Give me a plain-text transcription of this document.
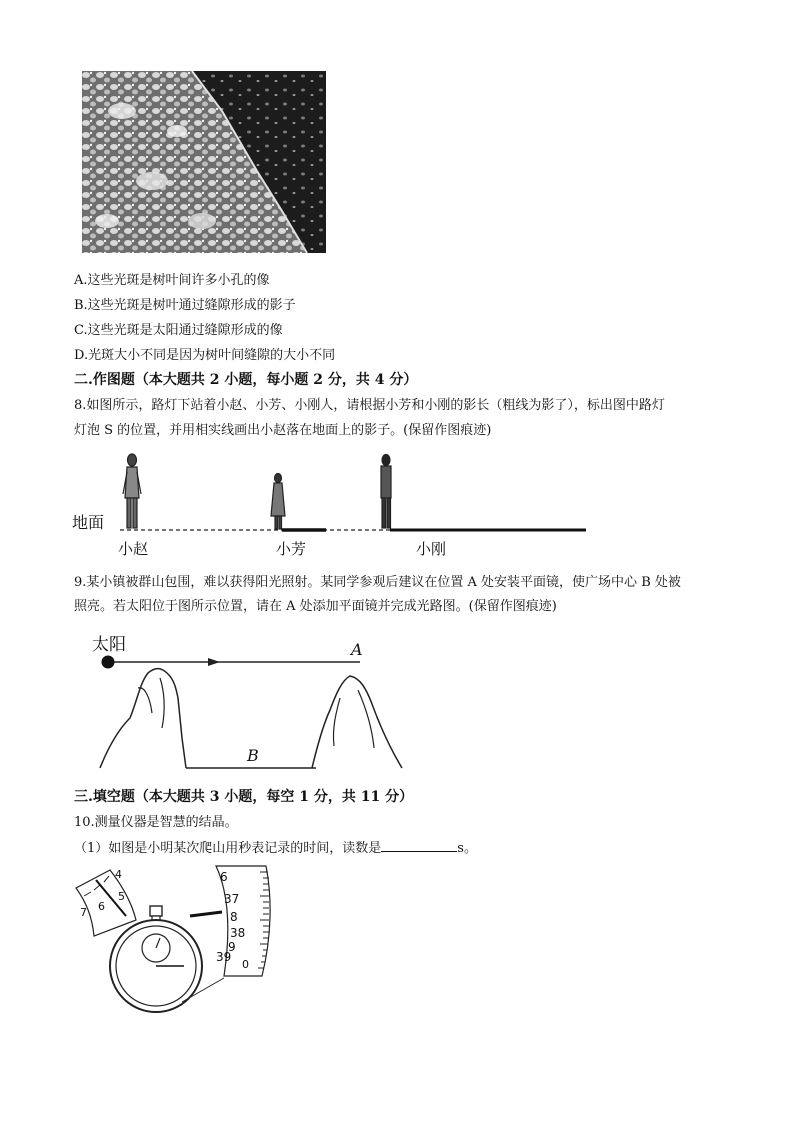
A.这些光斑是树叶间许多小孔的像
B.这些光斑是树叶通过缝隙形成的影子
C.这些光斑是太阳通过缝隙形成的像
D.光斑大小不同是因为树叶间缝隙的大小不同
二.作图题（本大题共 2 小题，每小题 2 分，共 4 分）
8.如图所示，路灯下站着小赵、小芳、小刚人，请根据小芳和小刚的影长（粗线为影了），标出图中路灯
灯泡 S 的位置，并用相实线画出小赵落在地面上的影子。(保留作图痕迹)
地面
小赵	小芳	小刚
9.某小镇被群山包围，难以获得阳光照射。某同学参观后建议在位置 A 处安装平面镜，使广场中心 B 处被
照亮。若太阳位于图所示位置，请在 A 处添加平面镜并完成光路图。(保留作图痕迹)
太阳	A
B
三.填空题（本大题共 3 小题，每空 1 分，共 11 分）
10.测量仪器是智慧的结晶。
（1）如图是小明某次爬山用秒表记录的时间，读数是	s。
4
5
6
7
6
37
8
38
9
39
0
